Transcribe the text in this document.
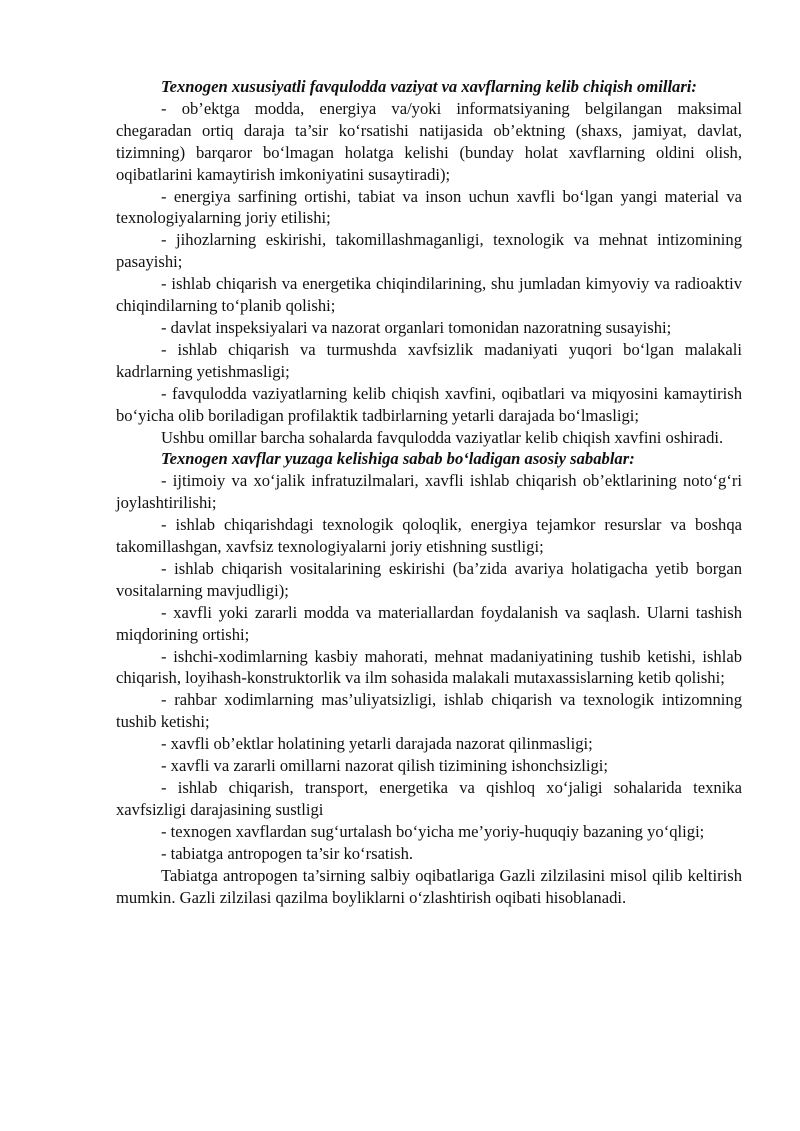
Texnogen xususiyatli favqulodda vaziyat va xavflarning kelib chiqish omillari:

- ob’ektga modda, energiya va/yoki informatsiyaning belgilangan maksimal chegaradan ortiq daraja ta’sir ko‘rsatishi natijasida ob’ektning (shaxs, jamiyat, davlat, tizimning) barqaror bo‘lmagan holatga kelishi (bunday holat xavflarning oldini olish, oqibatlarini kamaytirish imkoniyatini susaytiradi);

- energiya sarfining ortishi, tabiat va inson uchun xavfli bo‘lgan yangi material va texnologiyalarning joriy etilishi;

- jihozlarning eskirishi, takomillashmaganligi, texnologik va mehnat intizomining pasayishi;

- ishlab chiqarish va energetika chiqindilarining, shu jumladan kimyoviy va radioaktiv chiqindilarning to‘planib qolishi;

- davlat inspeksiyalari va nazorat organlari tomonidan nazoratning susayishi;

- ishlab chiqarish va turmushda xavfsizlik madaniyati yuqori bo‘lgan malakali kadrlarning yetishmasligi;

- favqulodda vaziyatlarning kelib chiqish xavfini, oqibatlari va miqyosini kamaytirish bo‘yicha olib boriladigan profilaktik tadbirlarning yetarli darajada bo‘lmasligi;

Ushbu omillar barcha sohalarda favqulodda vaziyatlar kelib chiqish xavfini oshiradi.

Texnogen xavflar yuzaga kelishiga sabab bo‘ladigan asosiy sabablar:

- ijtimoiy va xo‘jalik infratuzilmalari, xavfli ishlab chiqarish ob’ektlarining noto‘g‘ri joylashtirilishi;

- ishlab chiqarishdagi texnologik qoloqlik, energiya tejamkor resurslar va boshqa takomillashgan, xavfsiz texnologiyalarni joriy etishning sustligi;

- ishlab chiqarish vositalarining eskirishi (ba’zida avariya holatigacha yetib borgan vositalarning mavjudligi);

- xavfli yoki zararli modda va materiallardan foydalanish va saqlash. Ularni tashish miqdorining ortishi;

- ishchi-xodimlarning kasbiy mahorati, mehnat madaniyatining tushib ketishi, ishlab chiqarish, loyihash-konstruktorlik va ilm sohasida malakali mutaxassislarning ketib qolishi;

- rahbar xodimlarning mas’uliyatsizligi, ishlab chiqarish va texnologik intizomning tushib ketishi;

- xavfli ob’ektlar holatining yetarli darajada nazorat qilinmasligi;

- xavfli va zararli omillarni nazorat qilish tizimining ishonchsizligi;

- ishlab chiqarish, transport, energetika va qishloq xo‘jaligi sohalarida texnika xavfsizligi darajasining sustligi

- texnogen xavflardan sug‘urtalash bo‘yicha me’yoriy-huquqiy bazaning yo‘qligi;

- tabiatga antropogen ta’sir ko‘rsatish.

Tabiatga antropogen ta’sirning salbiy oqibatlariga Gazli zilzilasini misol qilib keltirish mumkin. Gazli zilzilasi qazilma boyliklarni o‘zlashtirish oqibati hisoblanadi.
